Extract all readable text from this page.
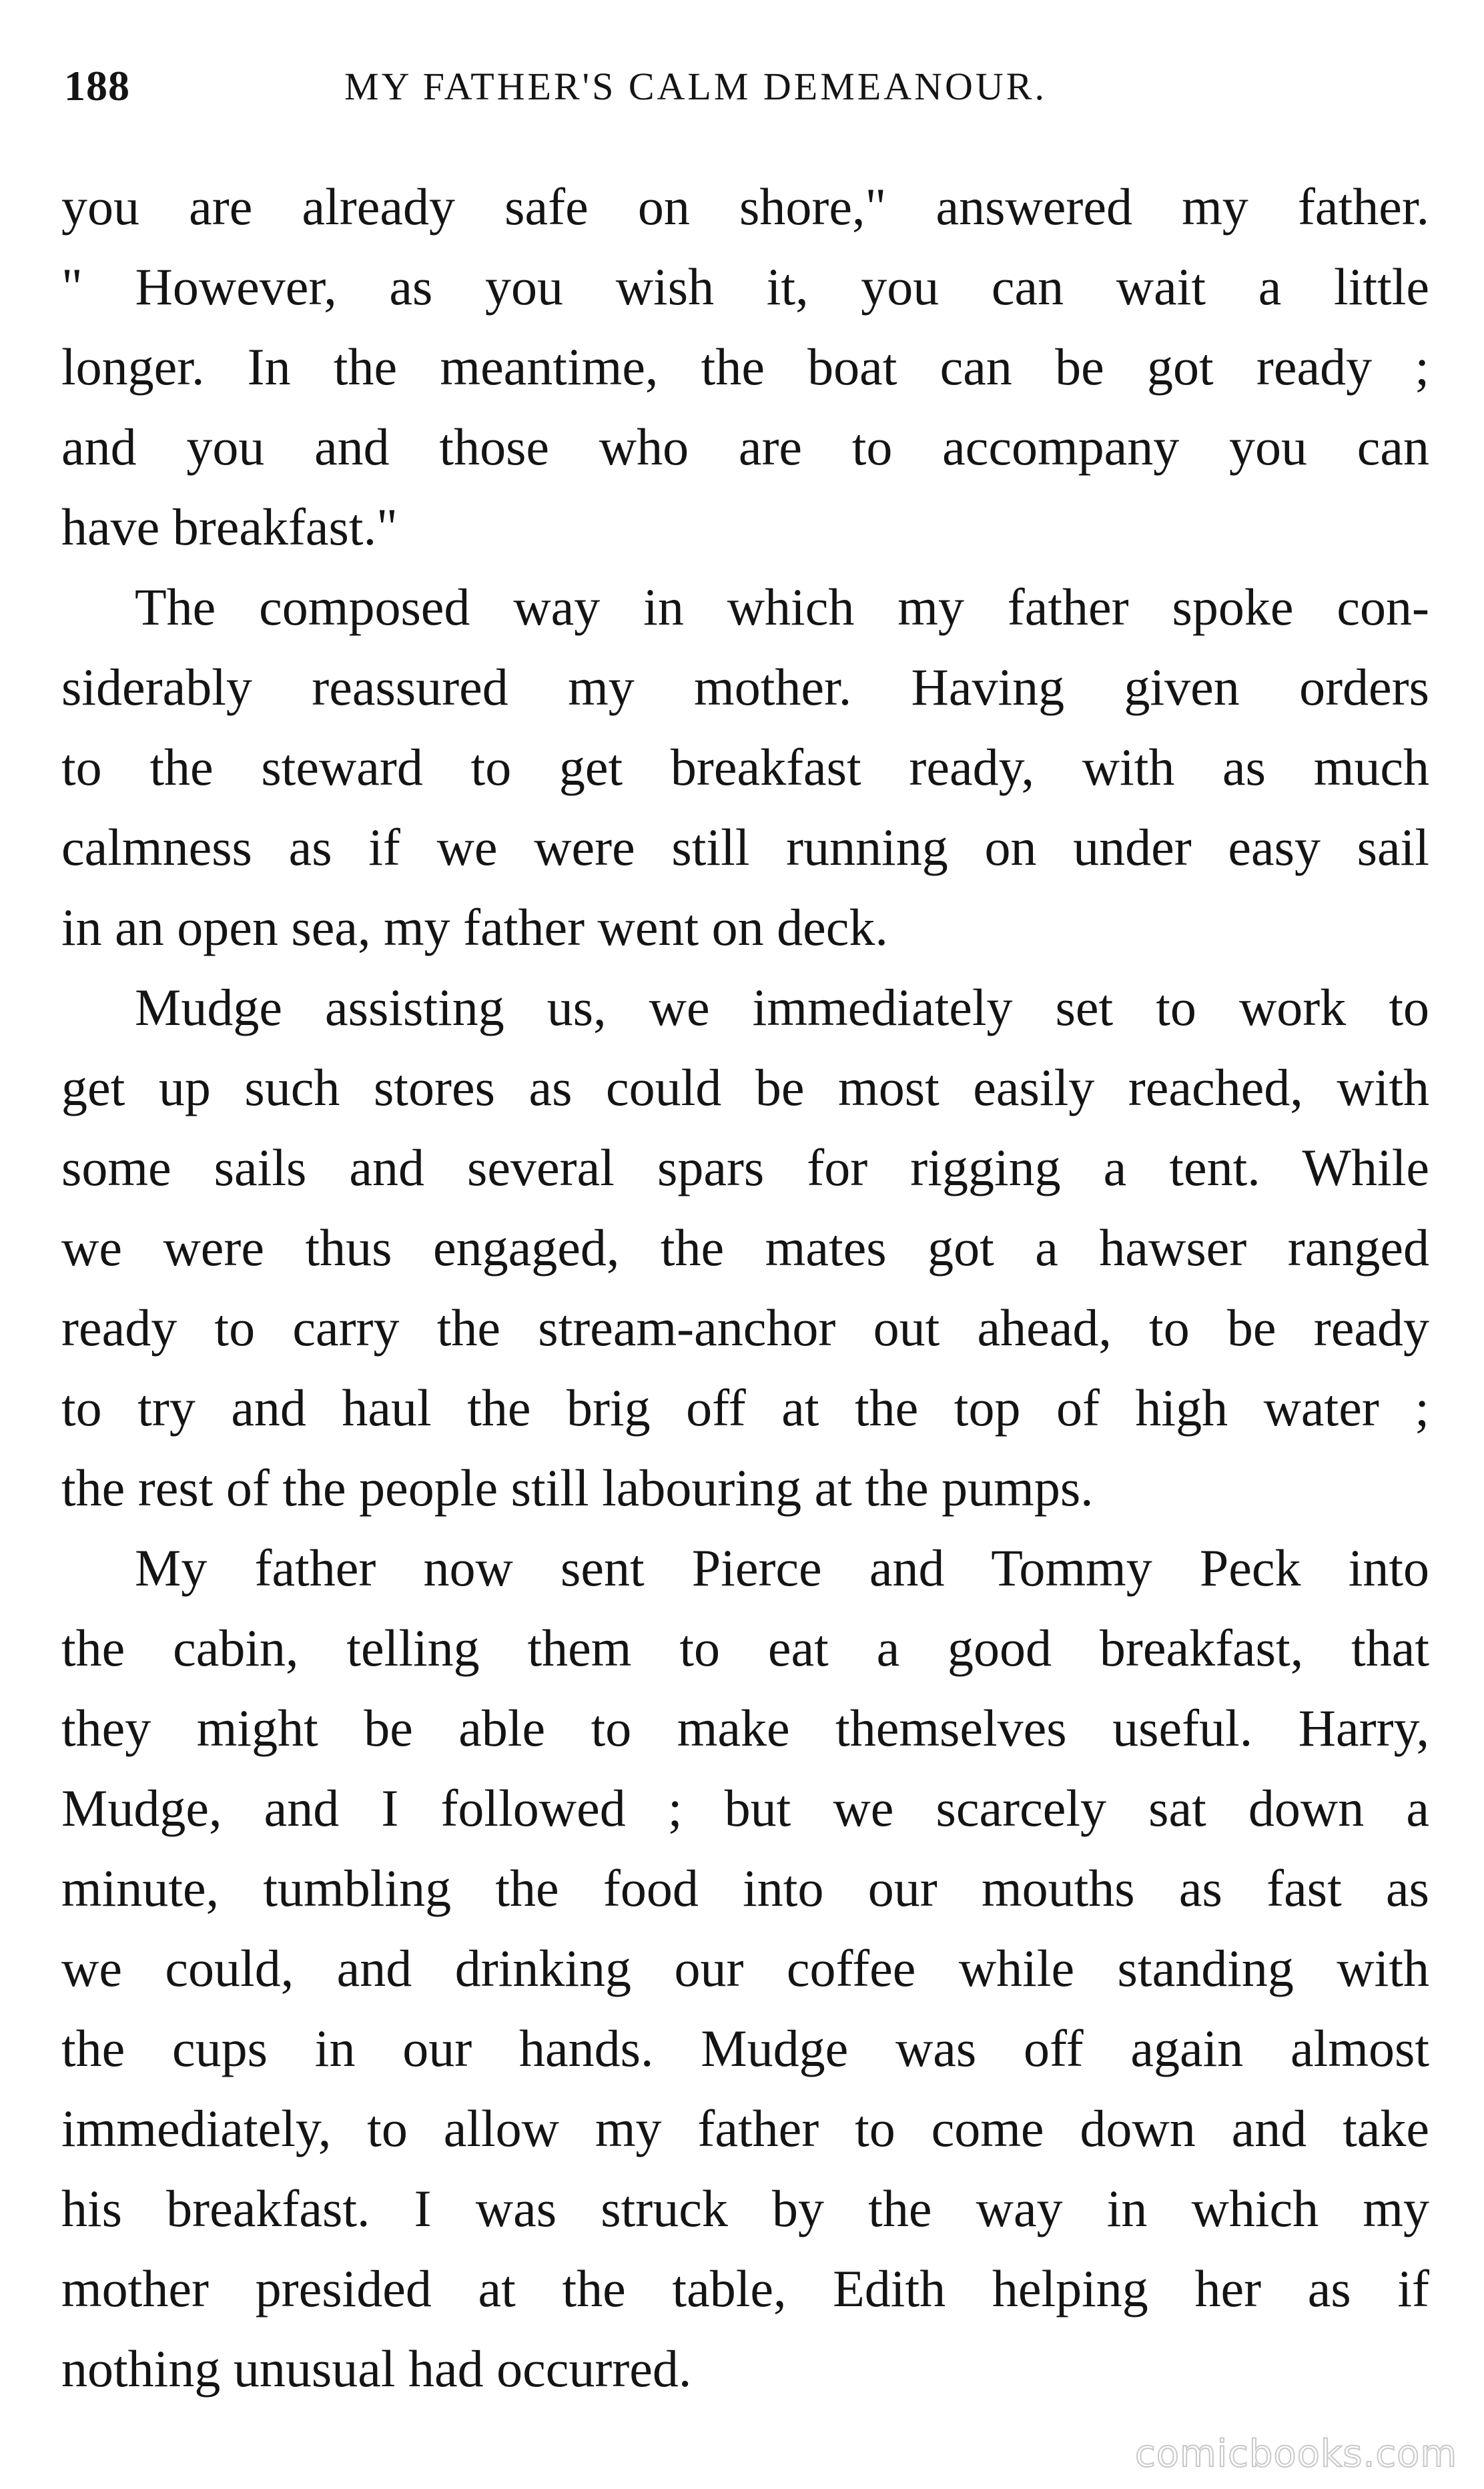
188	MY FATHER'S CALM DEMEANOUR.

you are already safe on shore," answered my father.
" However, as you wish it, you can wait a little
longer. In the meantime, the boat can be got ready ;
and you and those who are to accompany you can
have breakfast."

The composed way in which my father spoke con-
siderably reassured my mother. Having given orders
to the steward to get breakfast ready, with as much
calmness as if we were still running on under easy sail
in an open sea, my father went on deck.

Mudge assisting us, we immediately set to work to
get up such stores as could be most easily reached, with
some sails and several spars for rigging a tent. While
we were thus engaged, the mates got a hawser ranged
ready to carry the stream-anchor out ahead, to be ready
to try and haul the brig off at the top of high water ;
the rest of the people still labouring at the pumps.

My father now sent Pierce and Tommy Peck into
the cabin, telling them to eat a good breakfast, that
they might be able to make themselves useful. Harry,
Mudge, and I followed ; but we scarcely sat down a
minute, tumbling the food into our mouths as fast as
we could, and drinking our coffee while standing with
the cups in our hands. Mudge was off again almost
immediately, to allow my father to come down and take
his breakfast. I was struck by the way in which my
mother presided at the table, Edith helping her as if
nothing unusual had occurred.

comicbooks.com
